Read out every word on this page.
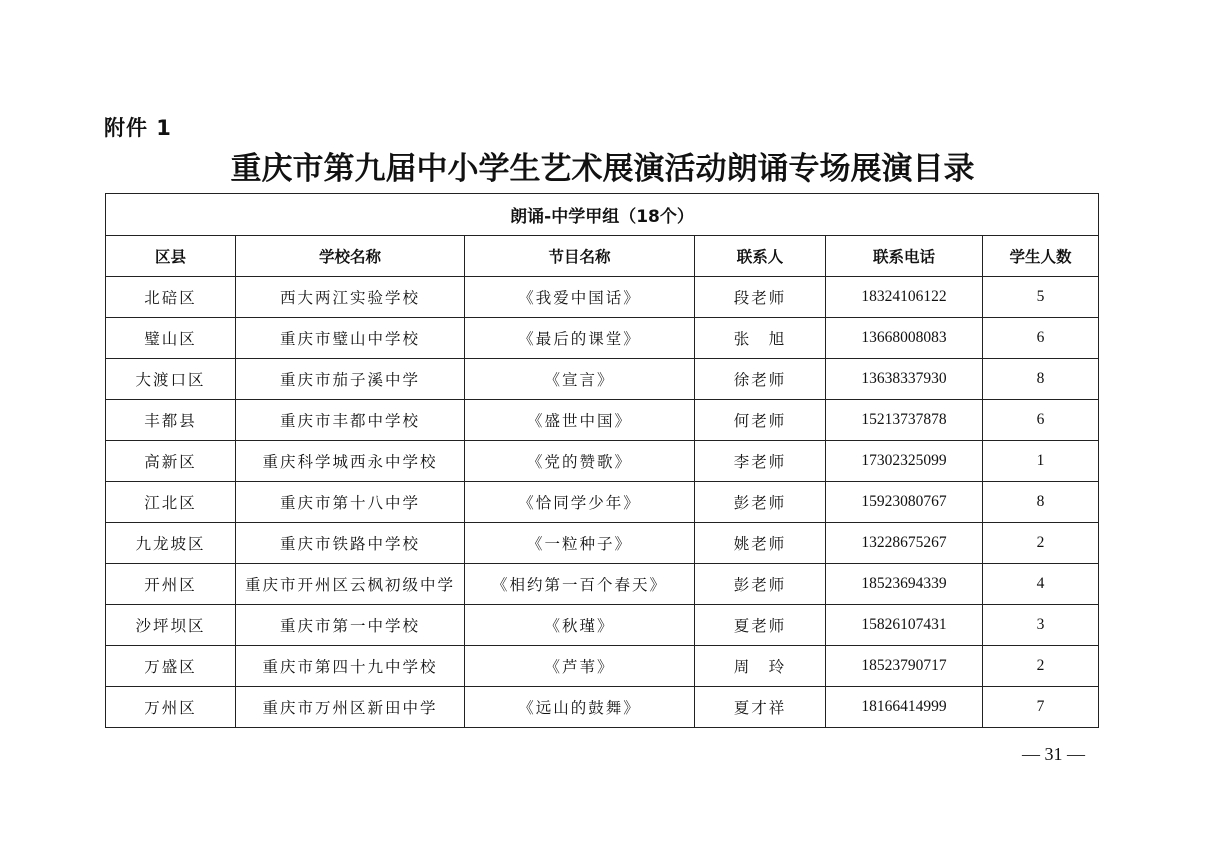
附件 1
重庆市第九届中小学生艺术展演活动朗诵专场展演目录
朗诵-中学甲组（18个）					
区县	学校名称	节目名称	联系人	联系电话	学生人数
北碚区	西大两江实验学校	《我爱中国话》	段老师	18324106122	5
璧山区	重庆市璧山中学校	《最后的课堂》	张　旭	13668008083	6
大渡口区	重庆市茄子溪中学	《宣言》	徐老师	13638337930	8
丰都县	重庆市丰都中学校	《盛世中国》	何老师	15213737878	6
高新区	重庆科学城西永中学校	《党的赞歌》	李老师	17302325099	1
江北区	重庆市第十八中学	《恰同学少年》	彭老师	15923080767	8
九龙坡区	重庆市铁路中学校	《一粒种子》	姚老师	13228675267	2
开州区	重庆市开州区云枫初级中学	《相约第一百个春天》	彭老师	18523694339	4
沙坪坝区	重庆市第一中学校	《秋瑾》	夏老师	15826107431	3
万盛区	重庆市第四十九中学校	《芦苇》	周　玲	18523790717	2
万州区	重庆市万州区新田中学	《远山的鼓舞》	夏才祥	18166414999	7
— 31 —
